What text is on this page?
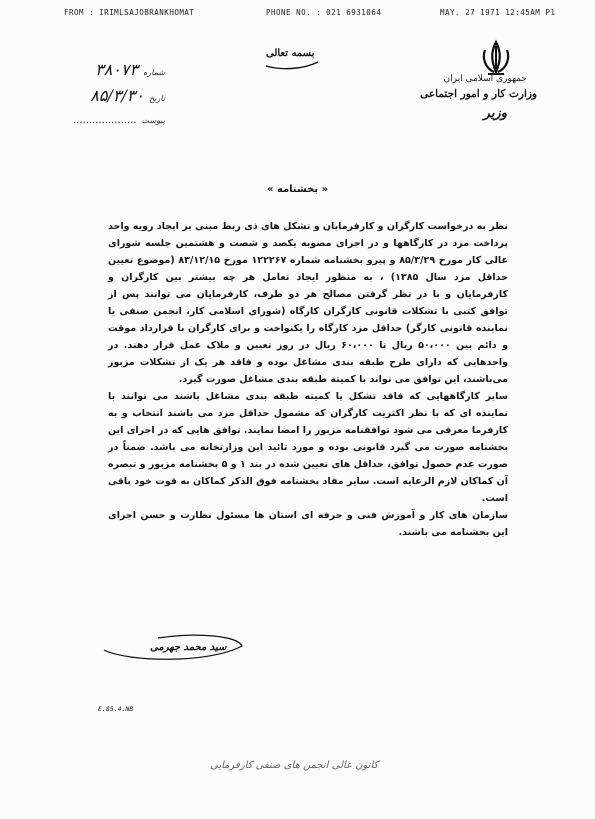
FROM : IRIMLSAJOBRANKHOMAT	PHONE NO. : 021 6931064	MAY. 27 1971 12:45AM P1
جمهوری اسلامی ایران
وزارت کار و امور اجتماعی
وزیر
بسمه تعالی
شماره ۳۸۰۷۳
تاریخ ۸۵/۳/۳۰
پیوست ....................
« بخشنامه »

نظر به درخواست کارگران و کارفرمایان و تشکل های ذی ربط مبنی بر ایجاد رویه واحد پرداخت مزد در کارگاهها و در اجرای مصوبه یکصد و شصت و هشتمین جلسه شورای عالی کار مورخ ۸۵/۳/۲۹ و پیرو بخشنامه شماره ۱۲۲۲۶۷ مورخ ۸۳/۱۲/۱۵ (موضوع تعیین حداقل مزد سال ۱۳۸۵) ، به منظور ایجاد تعامل هر چه بیشتر بین کارگران و کارفرمایان و با در نظر گرفتن مصالح هر دو طرف، کارفرمایان می توانند پس از توافق کتبی با تشکلات قانونی کارگران کارگاه (شورای اسلامی کار، انجمن صنفی یا نماینده قانونی کارگر) حداقل مزد کارگاه را یکنواخت و برای کارگران با قرارداد موقت و دائم بین ۵۰،۰۰۰ ریال تا ۶۰،۰۰۰ ریال در روز تعیین و ملاک عمل قرار دهند. در واحدهایی که دارای طرح طبقه بندی مشاغل بوده و فاقد هر یک از تشکلات مزبور می‌باشند، این توافق می تواند با کمیته طبقه بندی مشاغل صورت گیرد.

سایر کارگاههایی که فاقد تشکل یا کمیته طبقه بندی مشاغل باشند می توانند با نماینده ای که با نظر اکثریت کارگران که مشمول حداقل مزد می باشند انتخاب و به کارفرما معرفی می شود توافقنامه مزبور را امضا نمایند. توافق هایی که در اجرای این بخشنامه صورت می گیرد قانونی بوده و مورد تائید این وزارتخانه می باشد. ضمناً در صورت عدم حصول توافق، حداقل های تعیین شده در بند ۱ و ۵ بخشنامه مزبور و تبصره آن کماکان لازم الرعایه است. سایر مفاد بخشنامه فوق الذکر کماکان به قوت خود باقی است.

سازمان های کار و آموزش فنی و حرفه ای استان ها مسئول نظارت و حسن اجرای این بخشنامه می باشند.

سید محمد جهرمی
E.85.4.NB
کانون عالی انجمن های صنفی کارفرمایی
